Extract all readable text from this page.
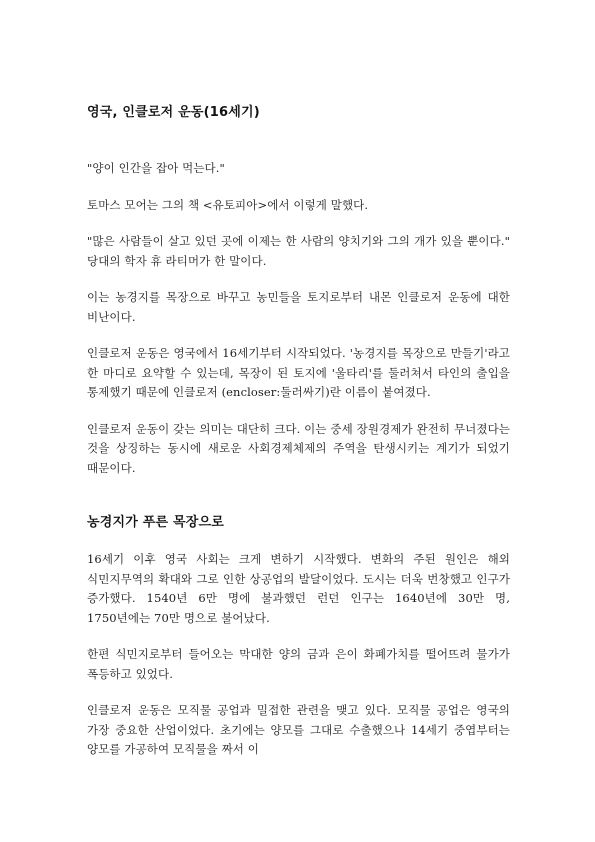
영국, 인클로저 운동(16세기)

"양이 인간을 잡아 먹는다."

토마스 모어는 그의 책 <유토피아>에서 이렇게 말했다.

"많은 사람들이 살고 있던 곳에 이제는 한 사람의 양치기와 그의 개가 있을 뿐이다." 당대의 학자 휴 라티머가 한 말이다.

이는 농경지를 목장으로 바꾸고 농민들을 토지로부터 내몬 인클로저 운동에 대한 비난이다.

인클로저 운동은 영국에서 16세기부터 시작되었다. '농경지를 목장으로 만들기'라고 한 마디로 요약할 수 있는데, 목장이 된 토지에 '울타리'를 둘러쳐서 타인의 출입을 통제했기 때문에 인클로저 (encloser:둘러싸기)란 이름이 붙여졌다.

인클로저 운동이 갖는 의미는 대단히 크다. 이는 중세 장원경제가 완전히 무너졌다는 것을 상징하는 동시에 새로운 사회경제체제의 주역을 탄생시키는 계기가 되었기 때문이다.

농경지가 푸른 목장으로

16세기 이후 영국 사회는 크게 변하기 시작했다. 변화의 주된 원인은 해외 식민지무역의 확대와 그로 인한 상공업의 발달이었다. 도시는 더욱 번창했고 인구가 증가했다. 1540년 6만 명에 불과했던 런던 인구는 1640년에 30만 명, 1750년에는 70만 명으로 불어났다.

한편 식민지로부터 들어오는 막대한 양의 금과 은이 화폐가치를 떨어뜨려 물가가 폭등하고 있었다.

인클로저 운동은 모직물 공업과 밀접한 관련을 맺고 있다. 모직물 공업은 영국의 가장 중요한 산업이었다. 초기에는 양모를 그대로 수출했으나 14세기 중엽부터는 양모를 가공하여 모직물을 짜서 이
